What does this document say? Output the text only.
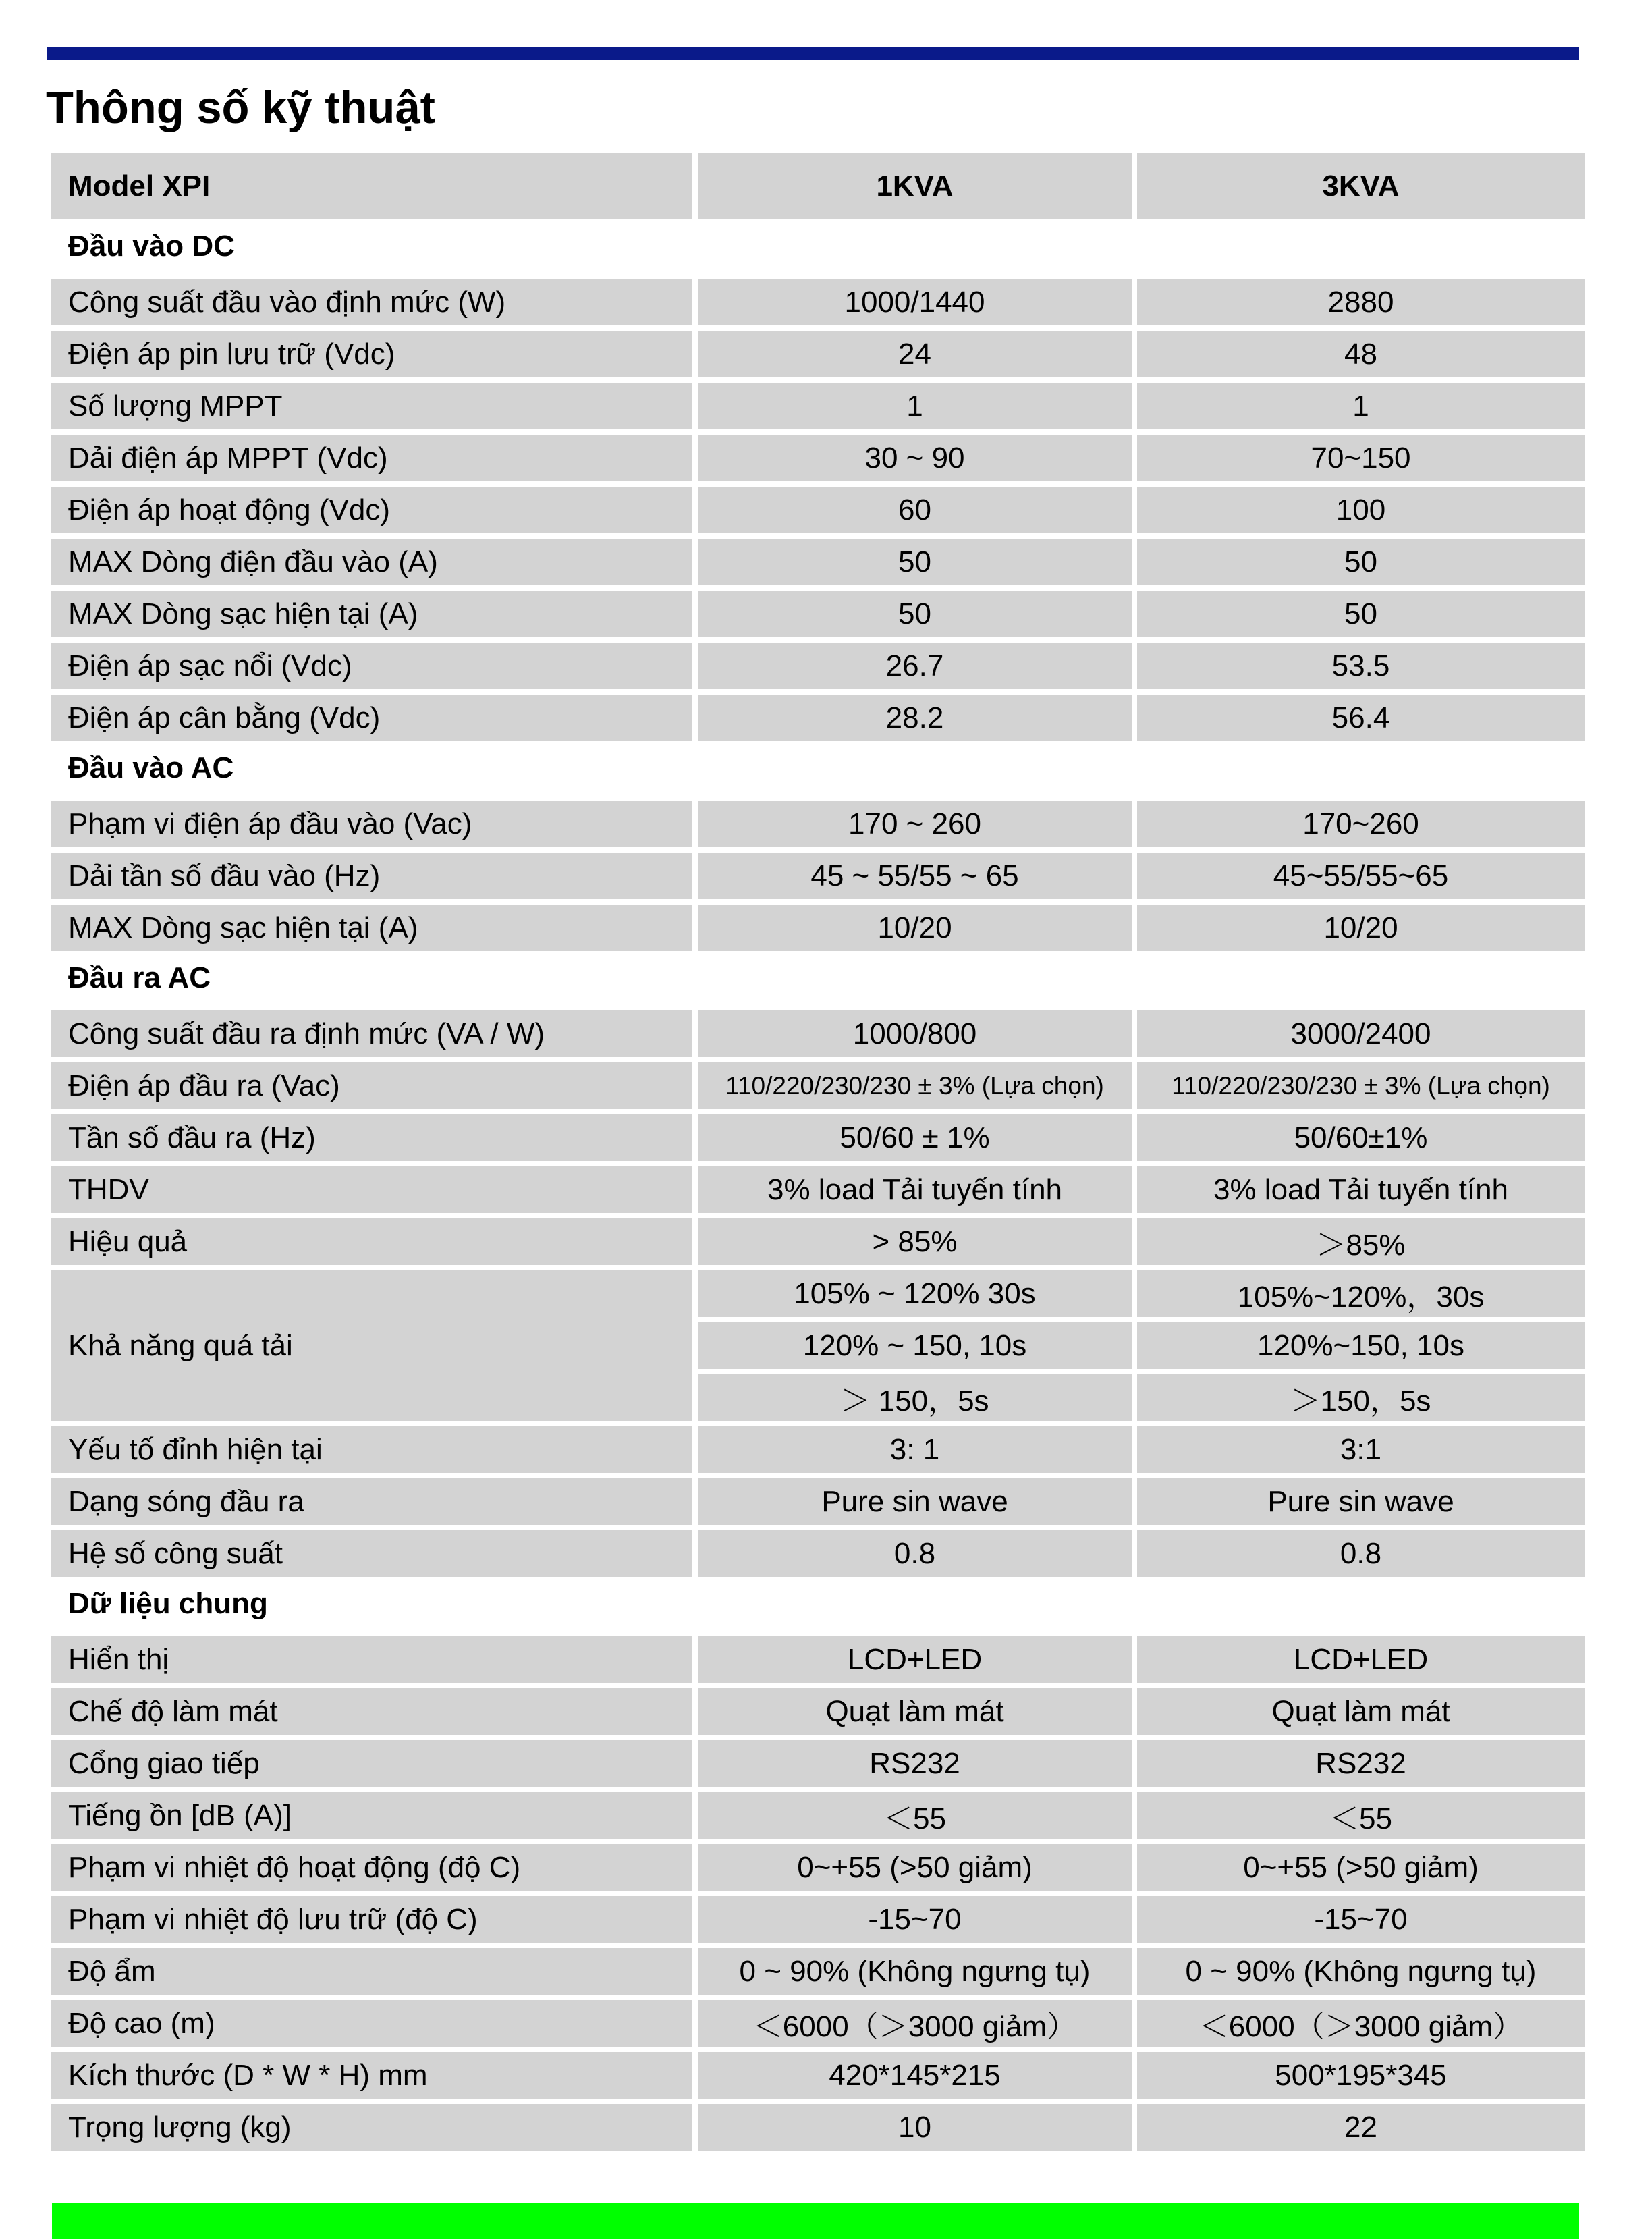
Thông số kỹ thuật
Model XPI	1KVA	3KVA
Đầu vào DC
Công suất đầu vào định mức (W)	1000/1440	2880
Điện áp pin lưu trữ (Vdc)	24	48
Số lượng MPPT	1	1
Dải điện áp MPPT (Vdc)	30 ~ 90	70~150
Điện áp hoạt động (Vdc)	60	100
MAX Dòng điện đầu vào (A)	50	50
MAX Dòng sạc hiện tại (A)	50	50
Điện áp sạc nổi (Vdc)	26.7	53.5
Điện áp cân bằng (Vdc)	28.2	56.4
Đầu vào AC
Phạm vi điện áp đầu vào (Vac)	170 ~ 260	170~260
Dải tần số đầu vào (Hz)	45 ~ 55/55 ~ 65	45~55/55~65
MAX Dòng sạc hiện tại (A)	10/20	10/20
Đầu ra AC
Công suất đầu ra định mức (VA / W)	1000/800	3000/2400
Điện áp đầu ra (Vac)	110/220/230/230 ± 3% (Lựa chọn)	110/220/230/230 ± 3% (Lựa chọn)
Tần số đầu ra (Hz)	50/60 ± 1%	50/60±1%
THDV	3% load Tải tuyến tính	3% load Tải tuyến tính
Hiệu quả	> 85%	＞85%
Khả năng quá tải
105% ~ 120% 30s	105%~120%，30s
120% ~ 150, 10s	120%~150, 10s
＞ 150，5s	＞150，5s
Yếu tố đỉnh hiện tại	3: 1	3:1
Dạng sóng đầu ra	Pure sin wave	Pure sin wave
Hệ số công suất	0.8	0.8
Dữ liệu chung
Hiển thị	LCD+LED	LCD+LED
Chế độ làm mát	Quạt làm mát	Quạt làm mát
Cổng giao tiếp	RS232	RS232
Tiếng ồn [dB (A)]	＜55	＜55
Phạm vi nhiệt độ hoạt động (độ C)	0~+55 (>50 giảm)	0~+55 (>50 giảm)
Phạm vi nhiệt độ lưu trữ (độ C)	-15~70	-15~70
Độ ẩm	0 ~ 90% (Không ngưng tụ)	0 ~ 90% (Không ngưng tụ)
Độ cao (m)	＜6000（＞3000 giảm）	＜6000（＞3000 giảm）
Kích thước (D * W * H) mm	420*145*215	500*195*345
Trọng lượng (kg)	10	22
